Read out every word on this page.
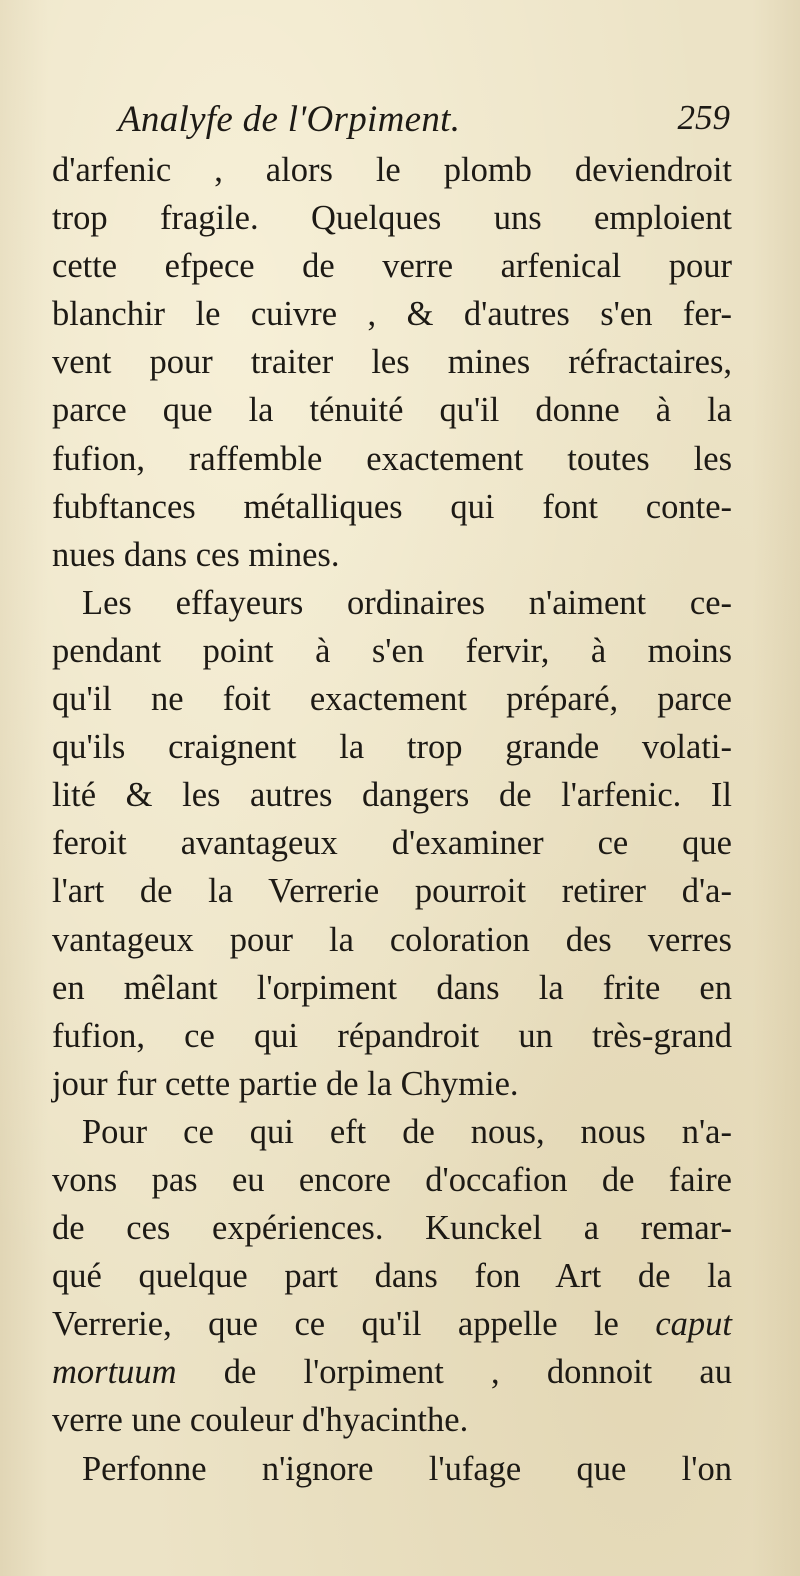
Analyfe de l'Orpiment.	259
d'arfenic , alors le plomb deviendroit
trop fragile. Quelques uns emploient
cette efpece de verre arfenical pour
blanchir le cuivre , & d'autres s'en fer-
vent pour traiter les mines réfractaires,
parce que la ténuité qu'il donne à la
fufion, raffemble exactement toutes les
fubftances métalliques qui font conte-
nues dans ces mines.
Les effayeurs ordinaires n'aiment ce-
pendant point à s'en fervir, à moins
qu'il ne foit exactement préparé, parce
qu'ils craignent la trop grande volati-
lité & les autres dangers de l'arfenic. Il
feroit avantageux d'examiner ce que
l'art de la Verrerie pourroit retirer d'a-
vantageux pour la coloration des verres
en mêlant l'orpiment dans la frite en
fufion, ce qui répandroit un très-grand
jour fur cette partie de la Chymie.
Pour ce qui eft de nous, nous n'a-
vons pas eu encore d'occafion de faire
de ces expériences. Kunckel a remar-
qué quelque part dans fon Art de la
Verrerie, que ce qu'il appelle le caput
mortuum de l'orpiment , donnoit au
verre une couleur d'hyacinthe.
Perfonne n'ignore l'ufage que l'on
